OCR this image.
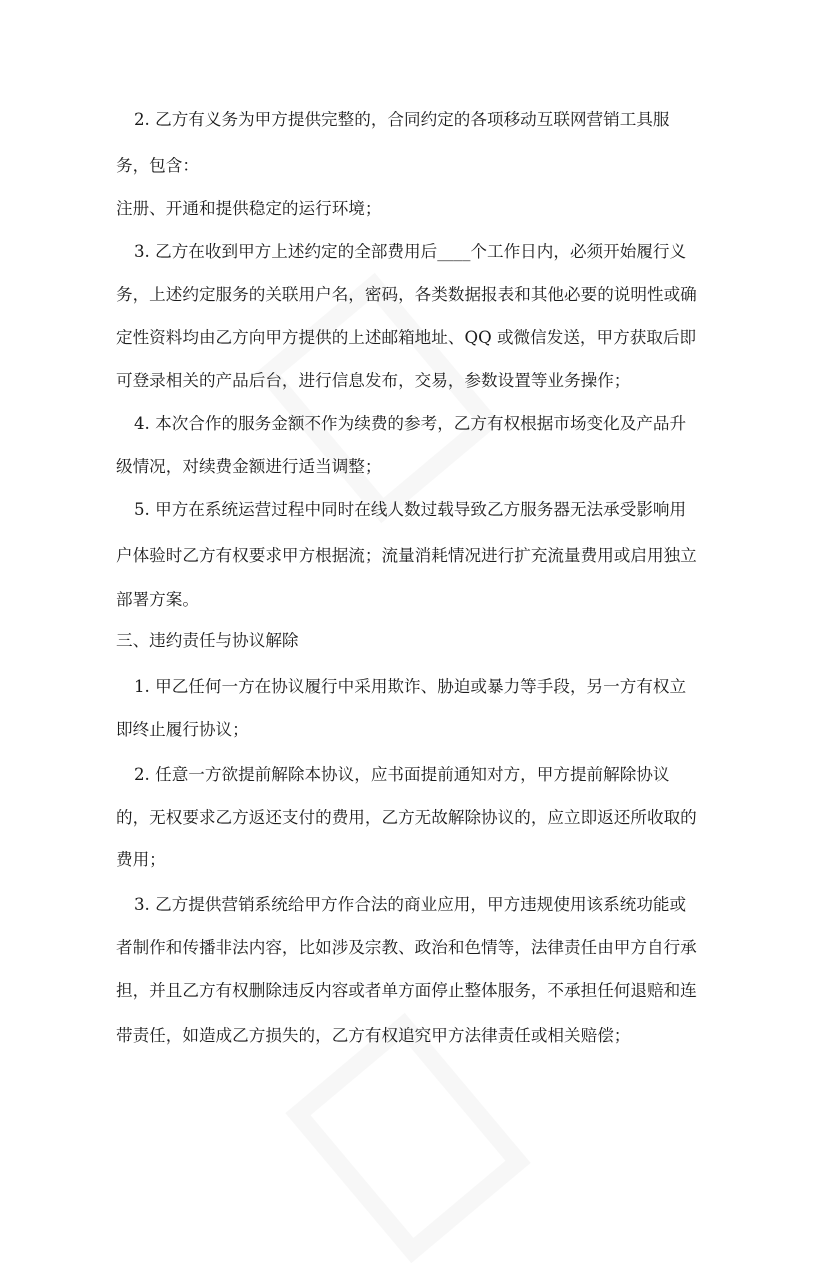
2. 乙方有义务为甲方提供完整的，合同约定的各项移动互联网营销工具服
务，包含：
注册、开通和提供稳定的运行环境；
3. 乙方在收到甲方上述约定的全部费用后____个工作日内，必须开始履行义
务，上述约定服务的关联用户名，密码，各类数据报表和其他必要的说明性或确
定性资料均由乙方向甲方提供的上述邮箱地址、QQ 或微信发送，甲方获取后即
可登录相关的产品后台，进行信息发布，交易，参数设置等业务操作；
4. 本次合作的服务金额不作为续费的参考，乙方有权根据市场变化及产品升
级情况，对续费金额进行适当调整；
5. 甲方在系统运营过程中同时在线人数过载导致乙方服务器无法承受影响用
户体验时乙方有权要求甲方根据流；流量消耗情况进行扩充流量费用或启用独立
部署方案。
三、违约责任与协议解除
1. 甲乙任何一方在协议履行中采用欺诈、胁迫或暴力等手段，另一方有权立
即终止履行协议；
2. 任意一方欲提前解除本协议，应书面提前通知对方，甲方提前解除协议
的，无权要求乙方返还支付的费用，乙方无故解除协议的，应立即返还所收取的
费用；
3. 乙方提供营销系统给甲方作合法的商业应用，甲方违规使用该系统功能或
者制作和传播非法内容，比如涉及宗教、政治和色情等，法律责任由甲方自行承
担，并且乙方有权删除违反内容或者单方面停止整体服务，不承担任何退赔和连
带责任，如造成乙方损失的，乙方有权追究甲方法律责任或相关赔偿；
